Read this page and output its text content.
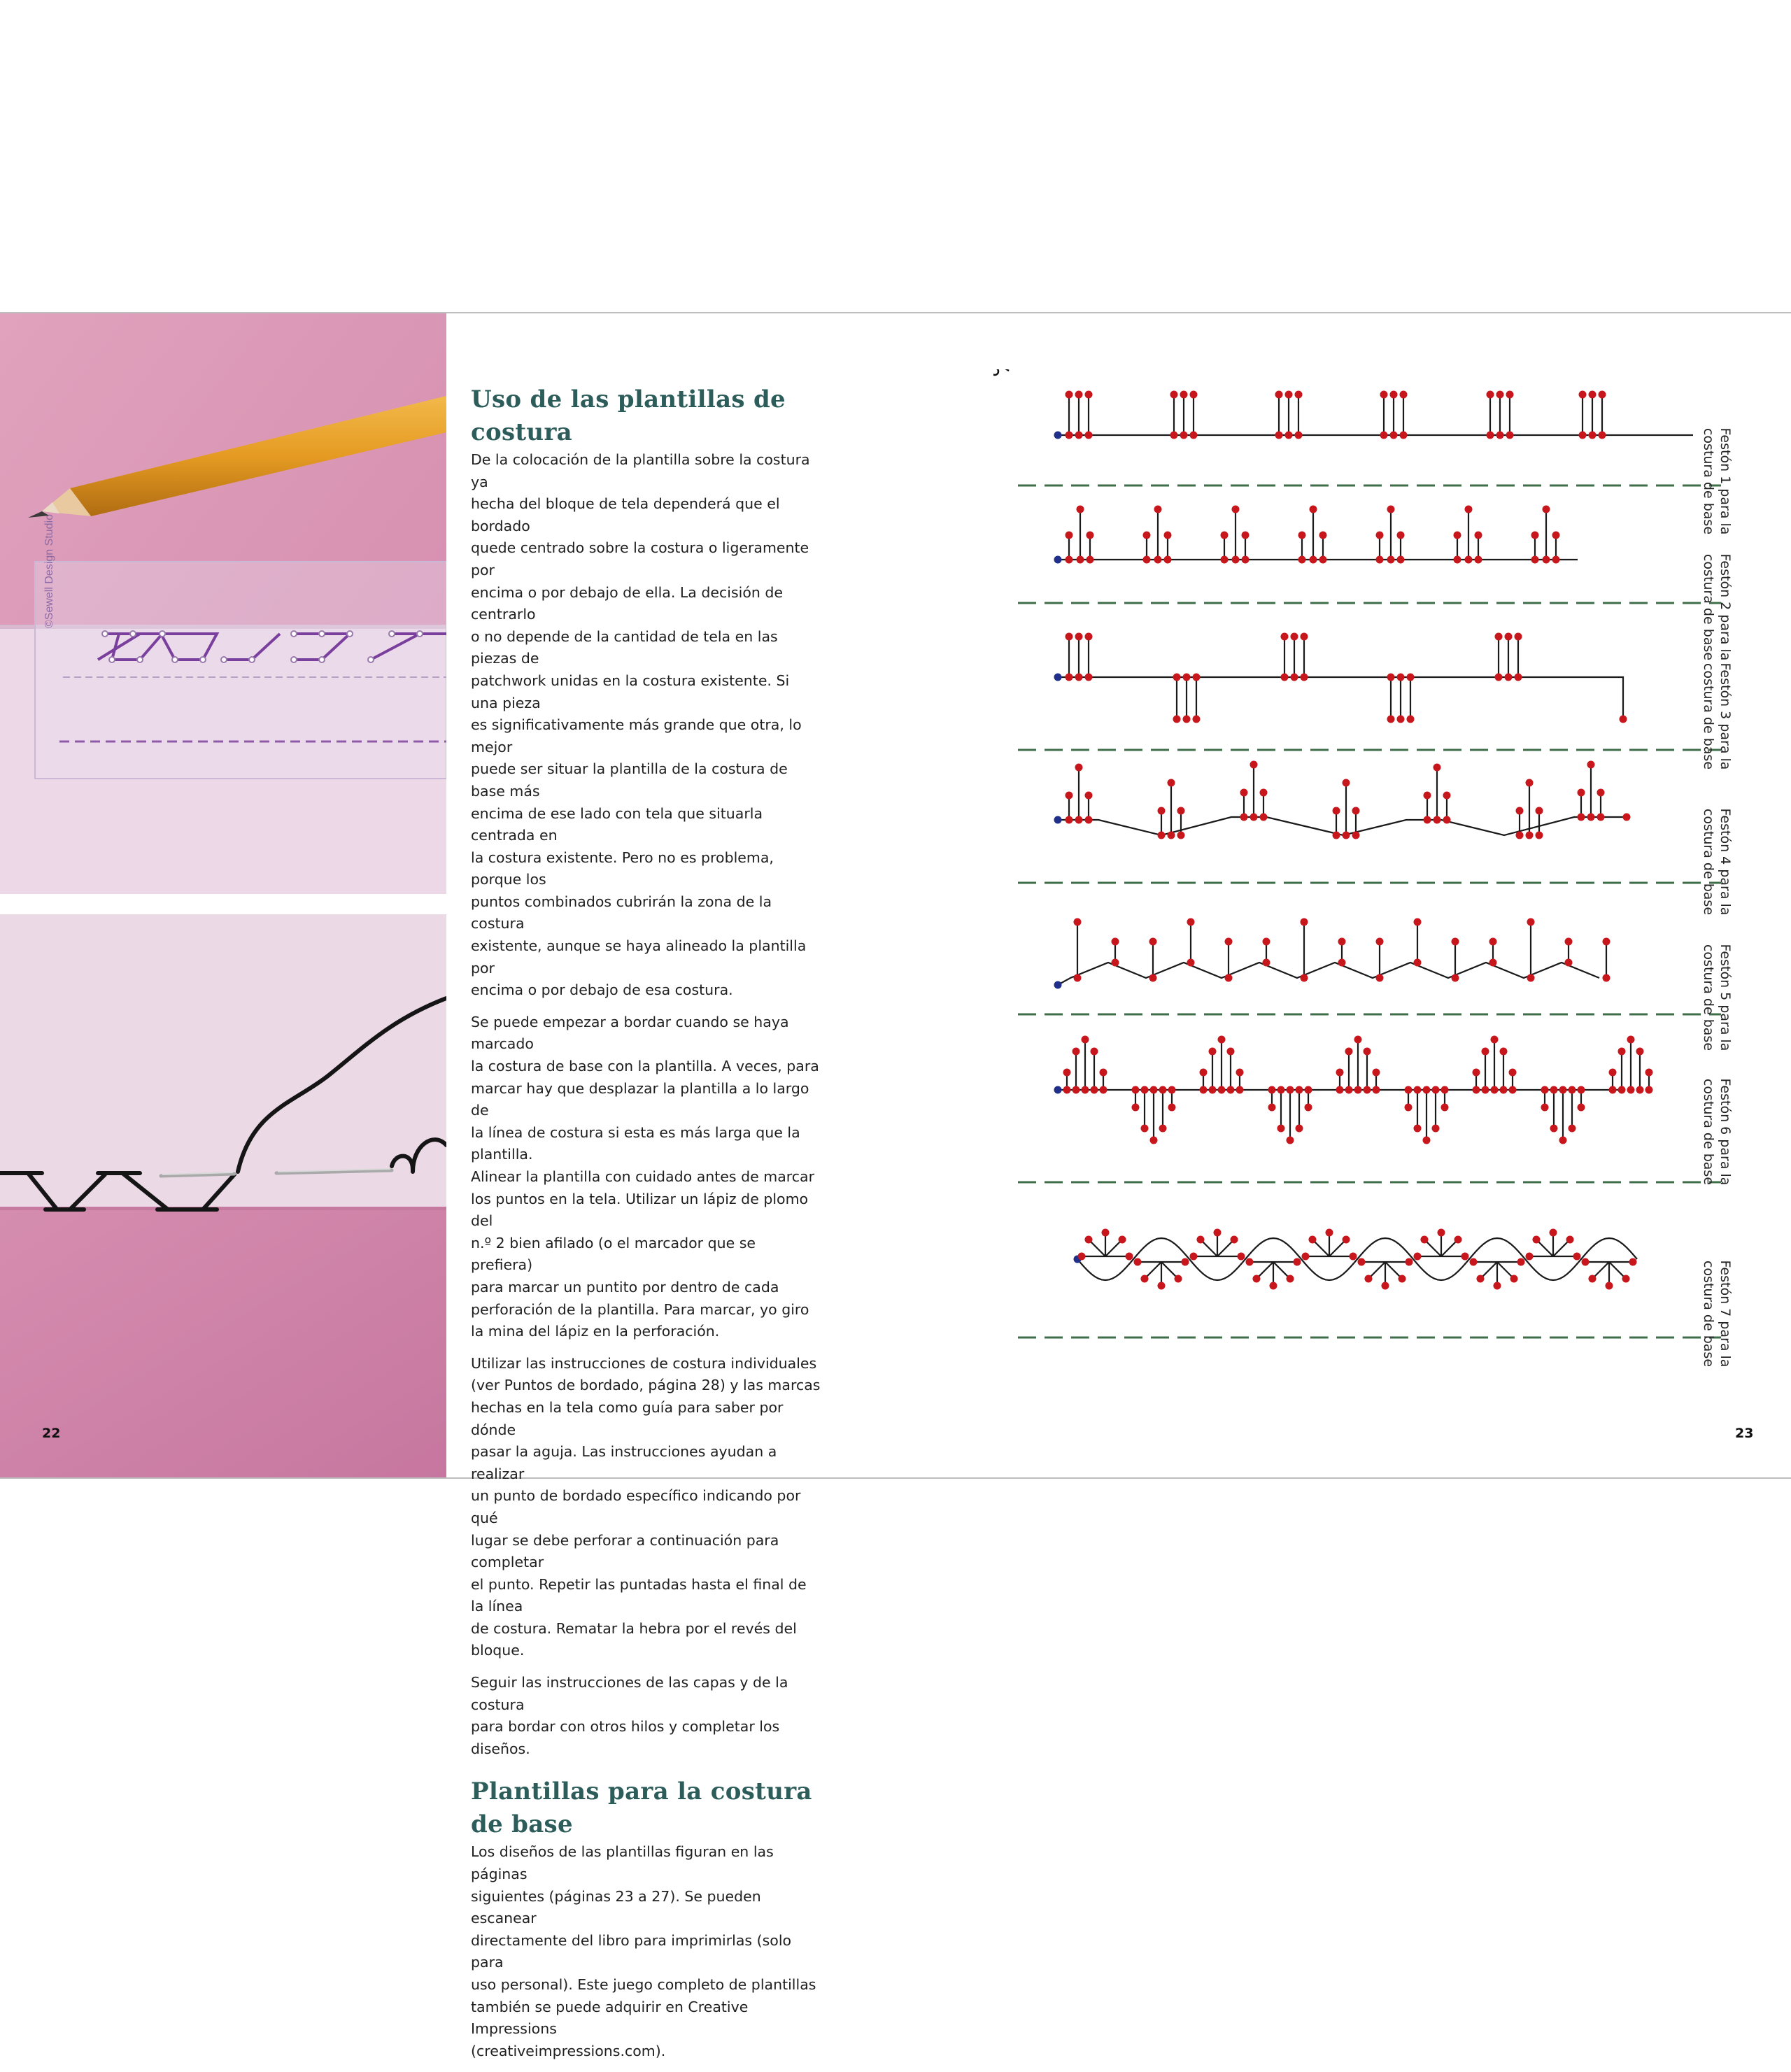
©Sewell Design Studio
Uso de las plantillas de costura

De la colocación de la plantilla sobre la costura ya
hecha del bloque de tela dependerá que el bordado
quede centrado sobre la costura o ligeramente por
encima o por debajo de ella. La decisión de centrarlo
o no depende de la cantidad de tela en las piezas de
patchwork unidas en la costura existente. Si una pieza
es significativamente más grande que otra, lo mejor
puede ser situar la plantilla de la costura de base más
encima de ese lado con tela que situarla centrada en
la costura existente. Pero no es problema, porque los
puntos combinados cubrirán la zona de la costura
existente, aunque se haya alineado la plantilla por
encima o por debajo de esa costura.

Se puede empezar a bordar cuando se haya marcado
la costura de base con la plantilla. A veces, para
marcar hay que desplazar la plantilla a lo largo de
la línea de costura si esta es más larga que la plantilla.
Alinear la plantilla con cuidado antes de marcar
los puntos en la tela. Utilizar un lápiz de plomo del
n.º 2 bien afilado (o el marcador que se prefiera)
para marcar un puntito por dentro de cada
perforación de la plantilla. Para marcar, yo giro
la mina del lápiz en la perforación.

Utilizar las instrucciones de costura individuales
(ver Puntos de bordado, página 28) y las marcas
hechas en la tela como guía para saber por dónde
pasar la aguja. Las instrucciones ayudan a realizar
un punto de bordado específico indicando por qué
lugar se debe perforar a continuación para completar
el punto. Repetir las puntadas hasta el final de la línea
de costura. Rematar la hebra por el revés del bloque.

Seguir las instrucciones de las capas y de la costura
para bordar con otros hilos y completar los diseños.

Plantillas para la costura
de base

Los diseños de las plantillas figuran en las páginas
siguientes (páginas 23 a 27). Se pueden escanear
directamente del libro para imprimirlas (solo para
uso personal). Este juego completo de plantillas
también se puede adquirir en Creative Impressions
(creativeimpressions.com).

22	23
Festón 1 para la
costura de base
Festón 2 para la
costura de base
Festón 3 para la
costura de base
Festón 4 para la
costura de base
Festón 5 para la
costura de base
Festón 6 para la
costura de base
Festón 7 para la
costura de base
